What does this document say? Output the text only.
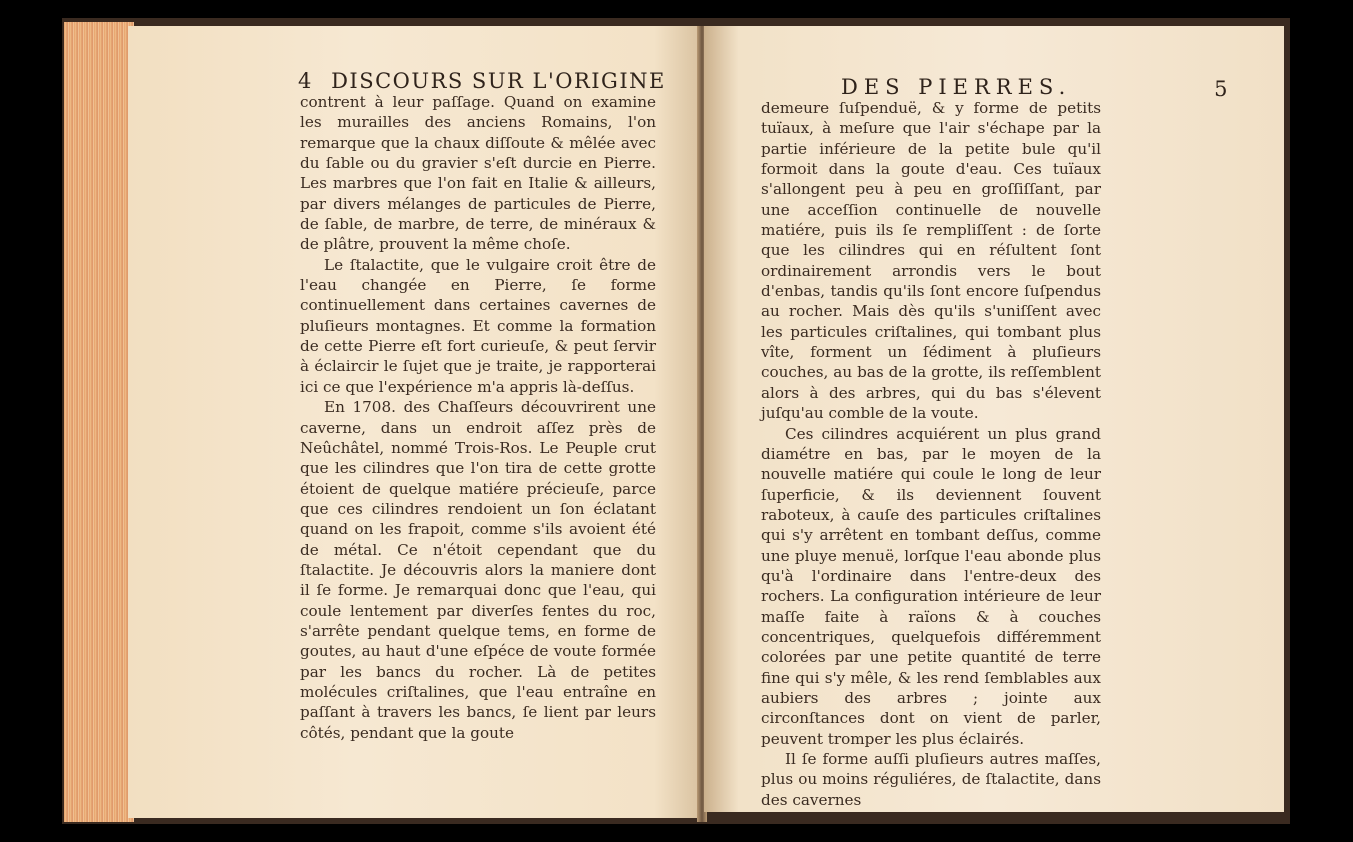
4 DISCOURS SUR L'ORIGINE

contrent à leur paſſage. Quand on examine les murailles des anciens Romains, l'on remarque que la chaux diſſoute & mêlée avec du ſable ou du gravier s'eſt durcie en Pierre. Les marbres que l'on fait en Italie & ailleurs, par divers mélanges de particules de Pierre, de ſable, de marbre, de terre, de minéraux & de plâtre, prouvent la même choſe.

Le ſtalactite, que le vulgaire croit être de l'eau changée en Pierre, ſe forme continuellement dans certaines cavernes de pluſieurs montagnes. Et comme la formation de cette Pierre eſt fort curieuſe, & peut ſervir à éclaircir le ſujet que je traite, je rapporterai ici ce que l'expérience m'a appris là-deſſus.

En 1708. des Chaſſeurs découvrirent une caverne, dans un endroit aſſez près de Neûchâtel, nommé Trois-Ros. Le Peuple crut que les cilindres que l'on tira de cette grotte étoient de quelque matiére précieuſe, parce que ces cilindres rendoient un ſon éclatant quand on les frapoit, comme s'ils avoient été de métal. Ce n'étoit cependant que du ſtalactite. Je découvris alors la maniere dont il ſe forme. Je remarquai donc que l'eau, qui coule lentement par diverſes fentes du roc, s'arrête pendant quelque tems, en forme de goutes, au haut d'une eſpéce de voute formée par les bancs du rocher. Là de petites molécules criſtalines, que l'eau entraîne en paſſant à travers les bancs, ſe lient par leurs côtés, pendant que la goute

DES PIERRES.	5

demeure ſuſpenduë, & y forme de petits tuïaux, à meſure que l'air s'échape par la partie inférieure de la petite bule qu'il formoit dans la goute d'eau. Ces tuïaux s'allongent peu à peu en groſſiſſant, par une acceſſion continuelle de nouvelle matiére, puis ils ſe rempliſſent : de ſorte que les cilindres qui en réſultent ſont ordinairement arrondis vers le bout d'enbas, tandis qu'ils ſont encore ſuſpendus au rocher. Mais dès qu'ils s'uniſſent avec les particules criſtalines, qui tombant plus vîte, forment un ſédiment à pluſieurs couches, au bas de la grotte, ils reſſemblent alors à des arbres, qui du bas s'élevent juſqu'au comble de la voute.

Ces cilindres acquiérent un plus grand diamétre en bas, par le moyen de la nouvelle matiére qui coule le long de leur ſuperficie, & ils deviennent ſouvent raboteux, à cauſe des particules criſtalines qui s'y arrêtent en tombant deſſus, comme une pluye menuë, lorſque l'eau abonde plus qu'à l'ordinaire dans l'entre-deux des rochers. La configuration intérieure de leur maſſe faite à raïons & à couches concentriques, quelquefois différemment colorées par une petite quantité de terre fine qui s'y mêle, & les rend ſemblables aux aubiers des arbres ; jointe aux circonſtances dont on vient de parler, peuvent tromper les plus éclairés.

Il ſe forme auſſi pluſieurs autres maſſes, plus ou moins réguliéres, de ſtalactite, dans des cavernes
